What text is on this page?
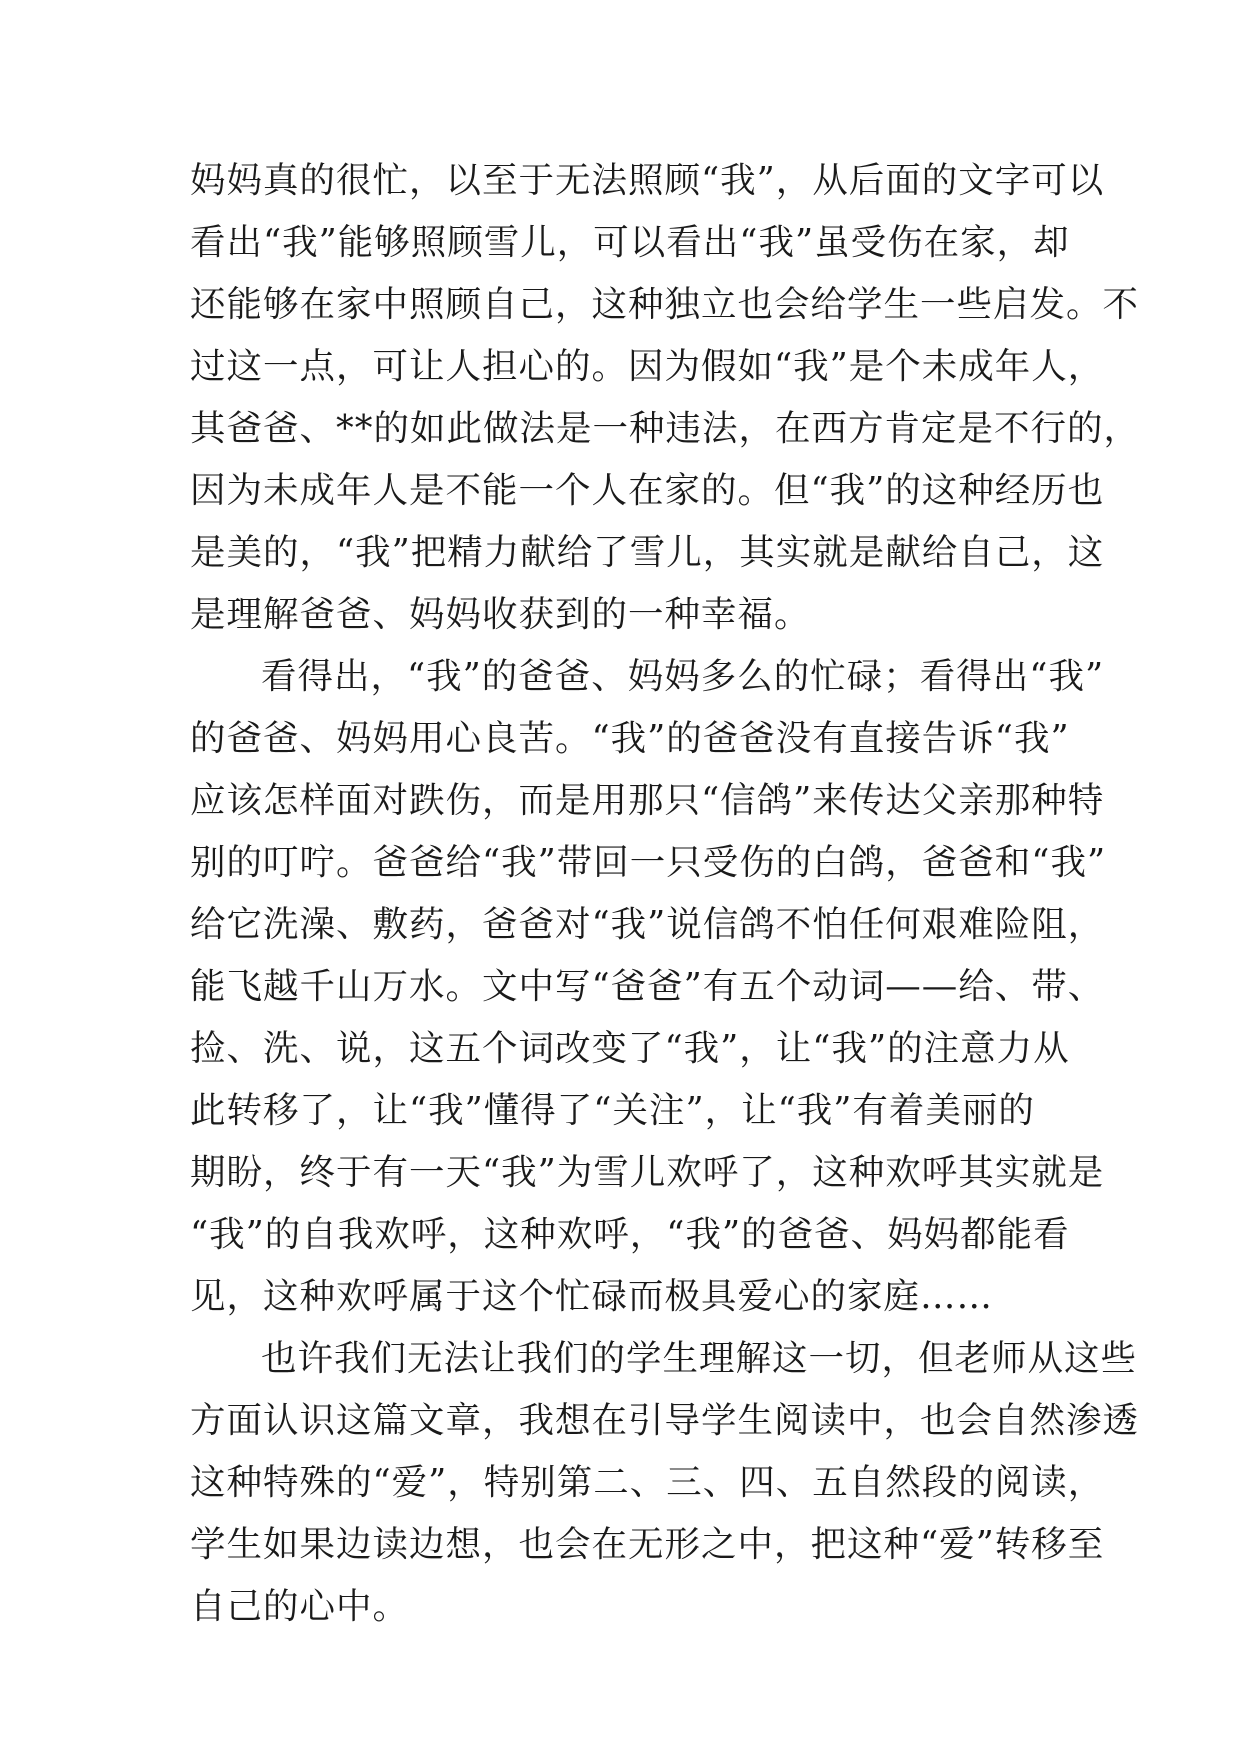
妈妈真的很忙，以至于无法照顾“我”，从后面的文字可以
看出“我”能够照顾雪儿，可以看出“我”虽受伤在家，却
还能够在家中照顾自己，这种独立也会给学生一些启发。不
过这一点，可让人担心的。因为假如“我”是个未成年人，
其爸爸、**的如此做法是一种违法，在西方肯定是不行的，
因为未成年人是不能一个人在家的。但“我”的这种经历也
是美的，“我”把精力献给了雪儿，其实就是献给自己，这
是理解爸爸、妈妈收获到的一种幸福。
看得出，“我”的爸爸、妈妈多么的忙碌；看得出“我”
的爸爸、妈妈用心良苦。“我”的爸爸没有直接告诉“我”
应该怎样面对跌伤，而是用那只“信鸽”来传达父亲那种特
别的叮咛。爸爸给“我”带回一只受伤的白鸽，爸爸和“我”
给它洗澡、敷药，爸爸对“我”说信鸽不怕任何艰难险阻，
能飞越千山万水。文中写“爸爸”有五个动词——给、带、
捡、洗、说，这五个词改变了“我”，让“我”的注意力从
此转移了，让“我”懂得了“关注”，让“我”有着美丽的
期盼，终于有一天“我”为雪儿欢呼了，这种欢呼其实就是
“我”的自我欢呼，这种欢呼，“我”的爸爸、妈妈都能看
见，这种欢呼属于这个忙碌而极具爱心的家庭……
也许我们无法让我们的学生理解这一切，但老师从这些
方面认识这篇文章，我想在引导学生阅读中，也会自然渗透
这种特殊的“爱”，特别第二、三、四、五自然段的阅读，
学生如果边读边想，也会在无形之中，把这种“爱”转移至
自己的心中。
